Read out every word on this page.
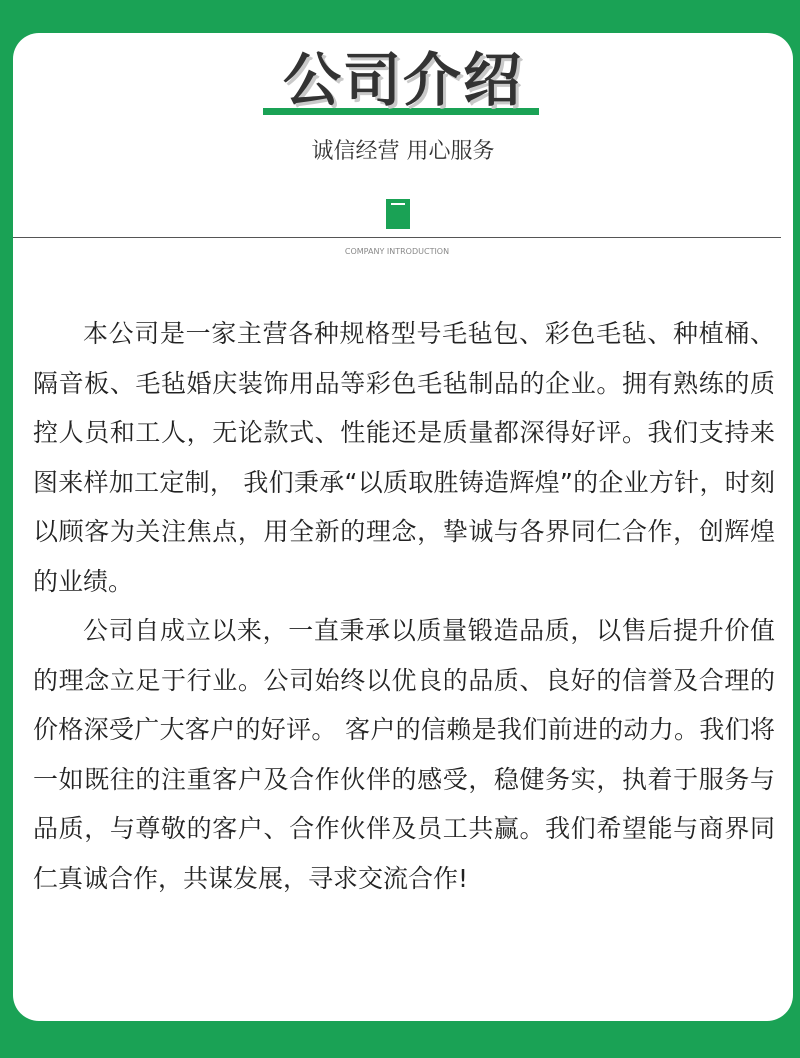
公司介绍
诚信经营 用心服务
COMPANY INTRODUCTION

本公司是一家主营各种规格型号毛毡包、彩色毛毡、种植桶、隔音板、毛毡婚庆装饰用品等彩色毛毡制品的企业。拥有熟练的质控人员和工人，无论款式、性能还是质量都深得好评。我们支持来图来样加工定制， 我们秉承“以质取胜铸造辉煌”的企业方针，时刻以顾客为关注焦点，用全新的理念，挚诚与各界同仁合作，创辉煌的业绩。

公司自成立以来，一直秉承以质量锻造品质，以售后提升价值的理念立足于行业。公司始终以优良的品质、良好的信誉及合理的价格深受广大客户的好评。 客户的信赖是我们前进的动力。我们将一如既往的注重客户及合作伙伴的感受，稳健务实，执着于服务与品质，与尊敬的客户、合作伙伴及员工共赢。我们希望能与商界同仁真诚合作，共谋发展，寻求交流合作!
